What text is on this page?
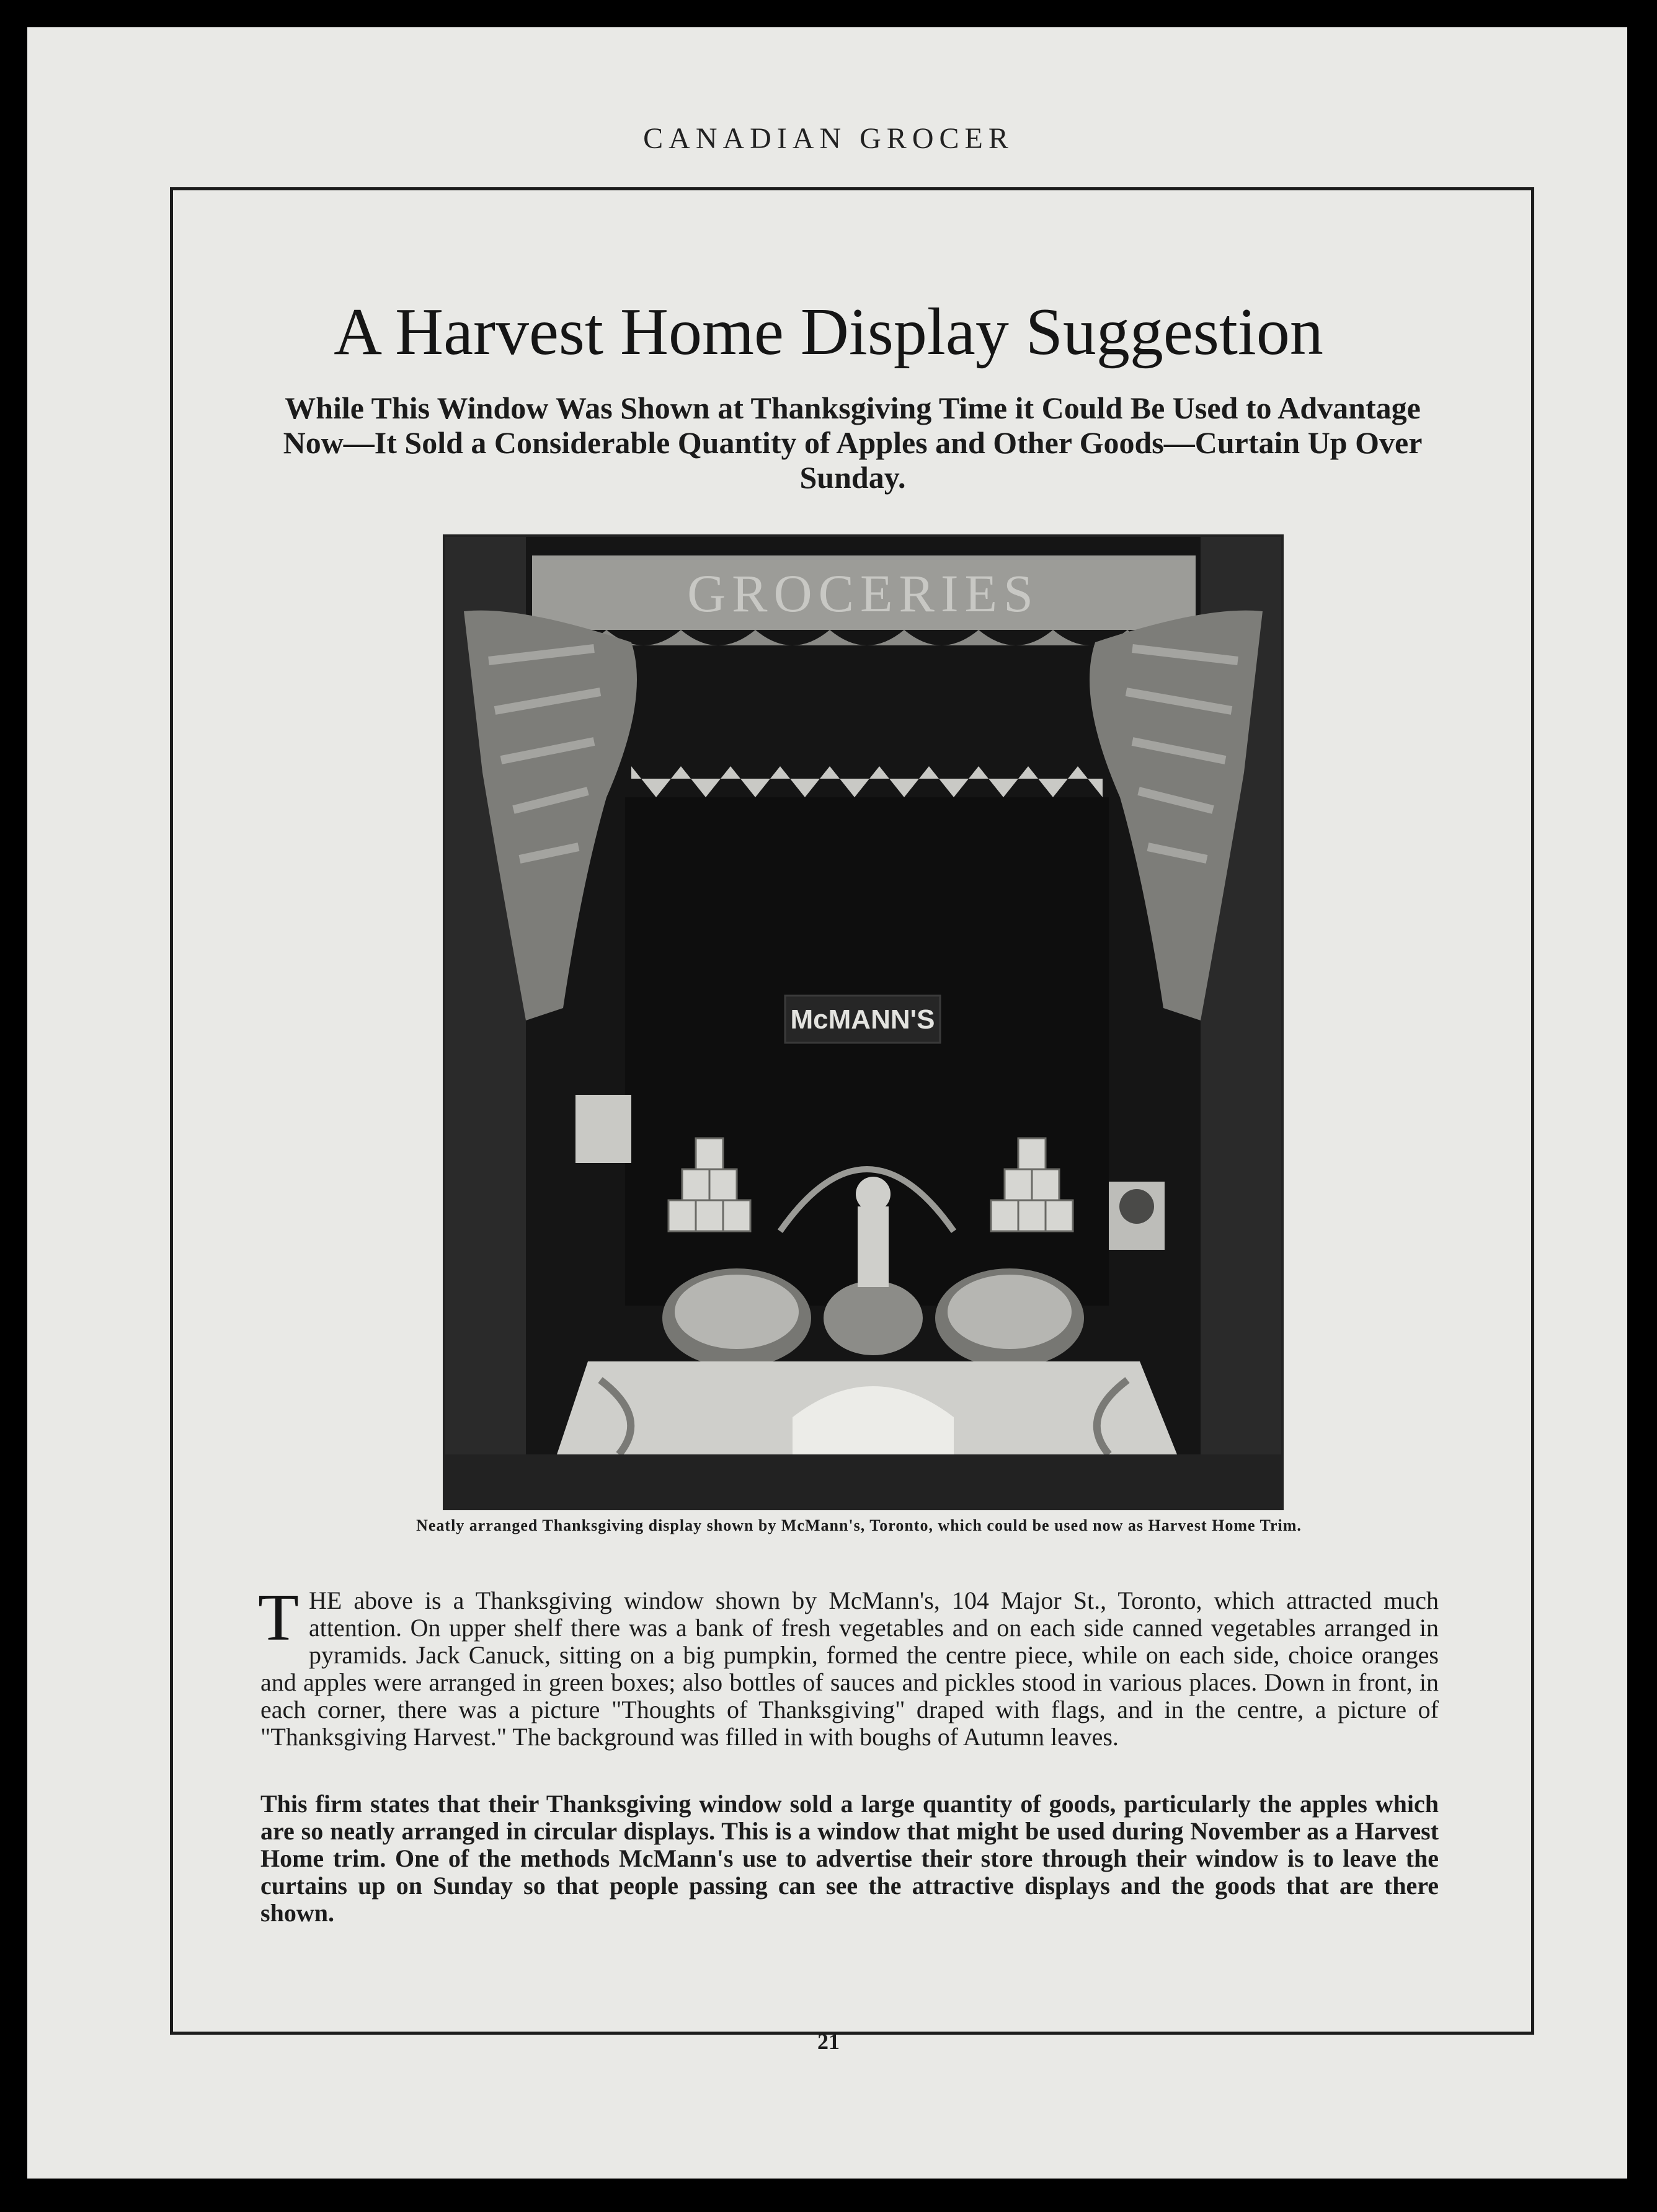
CANADIAN GROCER
A Harvest Home Display Suggestion
While This Window Was Shown at Thanksgiving Time it Could Be Used to Advantage Now—It Sold a Considerable Quantity of Apples and Other Goods—Curtain Up Over Sunday.
GROCERIES
McMANN'S
Neatly arranged Thanksgiving display shown by McMann's, Toronto, which could be used now as Harvest Home Trim.
THE above is a Thanksgiving window shown by McMann's, 104 Major St., Toronto, which attracted much attention. On upper shelf there was a bank of fresh vegetables and on each side canned vegetables arranged in pyramids. Jack Canuck, sitting on a big pumpkin, formed the centre piece, while on each side, choice oranges and apples were arranged in green boxes; also bottles of sauces and pickles stood in various places. Down in front, in each corner, there was a picture "Thoughts of Thanksgiving" draped with flags, and in the centre, a picture of "Thanksgiving Harvest." The background was filled in with boughs of Autumn leaves.
This firm states that their Thanksgiving window sold a large quantity of goods, particularly the apples which are so neatly arranged in circular displays. This is a window that might be used during November as a Harvest Home trim. One of the methods McMann's use to advertise their store through their window is to leave the curtains up on Sunday so that people passing can see the attractive displays and the goods that are there shown.
21
